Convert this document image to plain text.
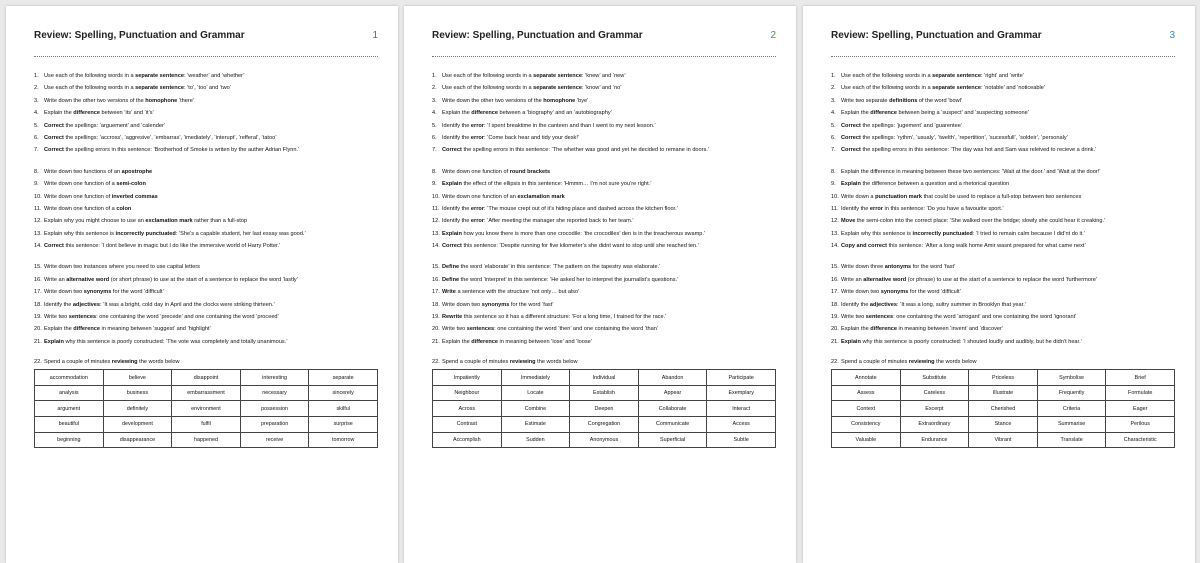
Review: Spelling, Punctuation and Grammar	1
1. Use each of the following words in a separate sentence: ‘weather’ and ‘whether’
2. Use each of the following words in a separate sentence: ‘to’, ‘too’ and ‘two’
3. Write down the other two versions of the homophone ‘there’
4. Explain the difference between ‘its’ and ‘it’s’
5. Correct the spellings: ‘arguement’ and ‘calender’
6. Correct the spellings: ‘accross’, ‘aggresive’, ‘embarras’, ‘imediately’, ‘interupt’, ‘refferal’, ‘tatoo’
7. Correct the spelling errors in this sentence: ‘Brotherhod of Smoke is writen by the auther Adrian Flynn.’
8. Write down two functions of an apostrophe
9. Write down one function of a semi-colon
10. Write down one function of inverted commas
11. Write down one function of a colon
12. Explain why you might choose to use an exclamation mark rather than a full-stop
13. Explain why this sentence is incorrectly punctuated: ‘She’s a capable student, her last essay was good.’
14. Correct this sentence: ‘I dont believe in magic but I do like the immersive world of Harry Potter.’
15. Write down two instances where you need to use capital letters
16. Write an alternative word (or short phrase) to use at the start of a sentence to replace the word ‘lastly’
17. Write down two synonyms for the word ‘difficult’
18. Identify the adjectives: ‘It was a bright, cold day in April and the clocks were striking thirteen.’
19. Write two sentences: one containing the word ‘precede’ and one containing the word ‘proceed’
20. Explain the difference in meaning between ‘suggest’ and ‘highlight’
21. Explain why this sentence is poorly constructed: ‘The vote was completely and totally unanimous.’
22. Spend a couple of minutes reviewing the words below
accommodation	believe	disappoint	interesting	separate
analysis	business	embarrassment	necessary	sincerely
argument	definitely	environment	possession	skilful
beautiful	development	fulfil	preparation	surprise
beginning	disappearance	happened	receive	tomorrow
Review: Spelling, Punctuation and Grammar	2
1. Use each of the following words in a separate sentence: ‘knew’ and ‘new’
2. Use each of the following words in a separate sentence: ‘know’ and ‘no’
3. Write down the other two versions of the homophone ‘bye’
4. Explain the difference between a ‘biography’ and an ‘autobiography’
5. Identify the error: ‘I spent breaktime in the canteen and than I went to my next lesson.’
6. Identify the error: ‘Come back hear and tidy your desk!’
7. Correct the spelling errors in this sentence: ‘The whether was good and yet he decided to remane in doors.’
8. Write down one function of round brackets
9. Explain the effect of the ellipsis in this sentence: ‘Hmmm… I’m not sure you’re right.’
10. Write down one function of an exclamation mark
11. Identify the error: ‘The mouse crept out of it’s hiding place and dashed across the kitchen floor.’
12. Identify the error: ‘After meeting the manager she reported back to her team.’
13. Explain how you know there is more than one crocodile: ‘the crocodiles’ den is in the treacherous swamp.’
14. Correct this sentence: ‘Despite running for five kilometer’s she didnt want to stop until she reached ten.’
15. Define the word ‘elaborate’ in this sentence: ‘The pattern on the tapestry was elaborate.’
16. Define the word ‘interpret’ in this sentence: ‘He asked her to interpret the journalist’s questions.’
17. Write a sentence with the structure ‘not only… but also’
18. Write down two synonyms for the word ‘fast’
19. Rewrite this sentence so it has a different structure: ‘For a long time, I trained for the race.’
20. Write two sentences: one containing the word ‘then’ and one containing the word ‘than’
21. Explain the difference in meaning between ‘lose’ and ‘loose’
22. Spend a couple of minutes reviewing the words below
Impatiently	Immediately	Individual	Abandon	Participate
Neighbour	Locate	Establish	Appear	Exemplary
Across	Combine	Deepen	Collaborate	Interact
Contrast	Estimate	Congregation	Communicate	Access
Accomplish	Sudden	Anonymous	Superficial	Subtle
Review: Spelling, Punctuation and Grammar	3
1. Use each of the following words in a separate sentence: ‘right’ and ‘write’
2. Use each of the following words in a separate sentence: ‘notable’ and ‘noticeable’
3. Write two separate definitions of the word ‘bowl’
4. Explain the difference between being a ‘suspect’ and ‘suspecting someone’
5. Correct the spellings: ‘jugement’ and ‘guarentee’
6. Correct the spellings: ‘rythm’, ‘usualy’, ‘twelth’, ‘repertition’, ‘sucessfull’, ‘soldeir’, ‘personaly’
7. Correct the spelling errors in this sentence: ‘The day was hot and Sam was releived to recieve a drink.’
8. Explain the difference in meaning between these two sentences: ‘Wait at the door.’ and ‘Wait at the door!’
9. Explain the difference between a question and a rhetorical question
10. Write down a punctuation mark that could be used to replace a full-stop between two sentences
11. Identify the error in this sentence: ‘Do you have a favourite sport.’
12. Move the semi-colon into the correct place: ‘She walked over the bridge; slowly she could hear it creaking.’
13. Explain why this sentence is incorrectly punctuated: ‘I tried to remain calm because I did’nt do it.’
14. Copy and correct this sentence: ‘After a long walk home Amir wasnt prepared for what came next’
15. Write down three antonyms for the word ‘fast’
16. Write an alternative word (or phrase) to use at the start of a sentence to replace the word ‘furthermore’
17. Write down two synonyms for the word ‘difficult’
18. Identify the adjectives: ‘It was a long, sultry summer in Brooklyn that year.’
19. Write two sentences: one containing the word ‘arrogant’ and one containing the word ‘ignorant’
20. Explain the difference in meaning between ‘invent’ and ‘discover’
21. Explain why this sentence is poorly constructed: ‘I shouted loudly and audibly, but he didn’t hear.’
22. Spend a couple of minutes reviewing the words below
Annotate	Substitute	Priceless	Symbolise	Brief
Assess	Careless	Illustrate	Frequently	Formulate
Context	Excerpt	Cherished	Criteria	Eager
Consistency	Extraordinary	Stance	Summarise	Perilous
Valuable	Endurance	Vibrant	Translate	Characteristic
